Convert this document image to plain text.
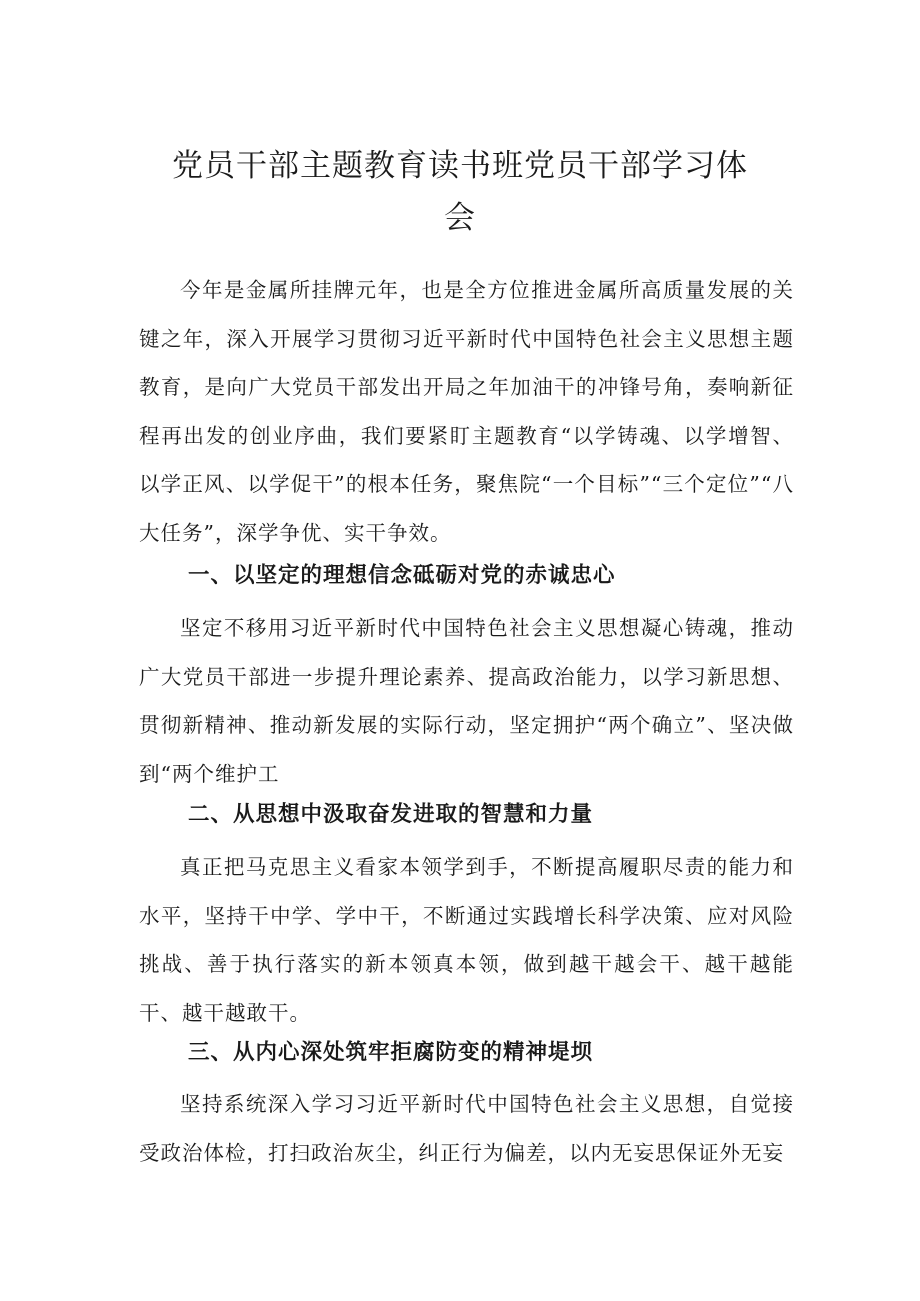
党员干部主题教育读书班党员干部学习体
会

今年是金属所挂牌元年，也是全方位推进金属所高质量发展的关键之年，深入开展学习贯彻习近平新时代中国特色社会主义思想主题教育，是向广大党员干部发出开局之年加油干的冲锋号角，奏响新征程再出发的创业序曲，我们要紧盯主题教育“以学铸魂、以学增智、以学正风、以学促干”的根本任务，聚焦院“一个目标”“三个定位”“八大任务”，深学争优、实干争效。

一、以坚定的理想信念砥砺对党的赤诚忠心

坚定不移用习近平新时代中国特色社会主义思想凝心铸魂，推动广大党员干部进一步提升理论素养、提高政治能力，以学习新思想、贯彻新精神、推动新发展的实际行动，坚定拥护“两个确立”、坚决做到“两个维护工

二、从思想中汲取奋发进取的智慧和力量

真正把马克思主义看家本领学到手，不断提高履职尽责的能力和水平，坚持干中学、学中干，不断通过实践增长科学决策、应对风险挑战、善于执行落实的新本领真本领，做到越干越会干、越干越能干、越干越敢干。

三、从内心深处筑牢拒腐防变的精神堤坝

坚持系统深入学习习近平新时代中国特色社会主义思想，自觉接受政治体检，打扫政治灰尘，纠正行为偏差，以内无妄思保证外无妄
